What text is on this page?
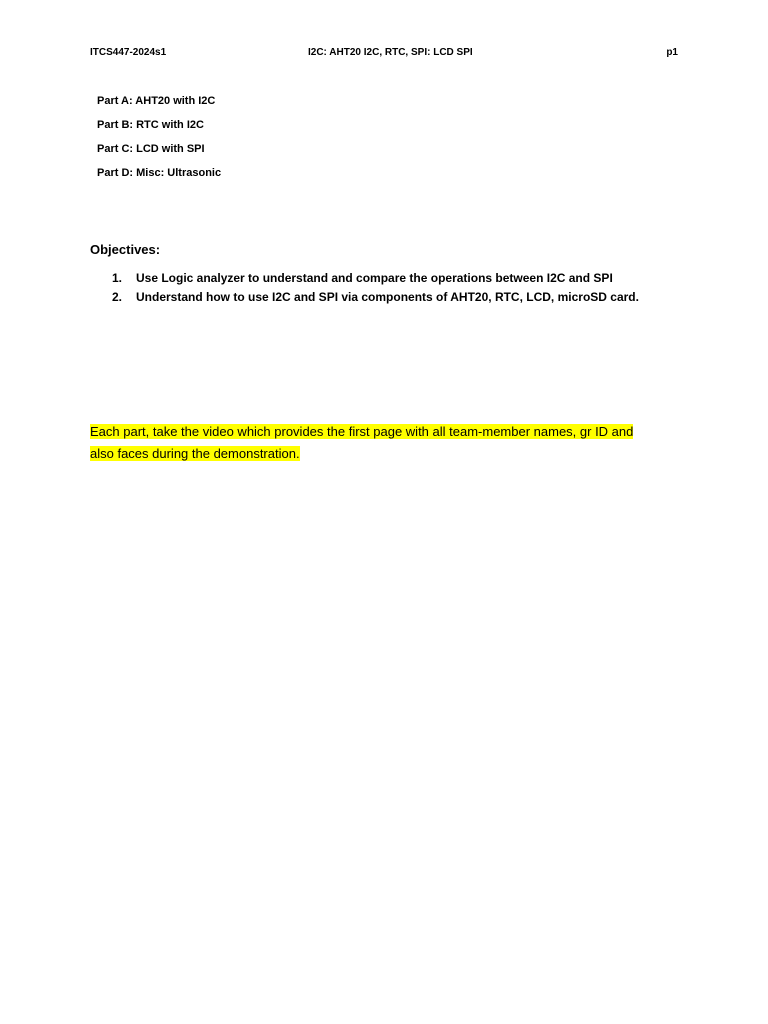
ITCS447-2024s1	I2C: AHT20 I2C, RTC, SPI: LCD SPI	p1
Part A: AHT20 with I2C
Part B: RTC with I2C
Part C: LCD with SPI
Part D: Misc: Ultrasonic
Objectives:
1. Use Logic analyzer to understand and compare the operations between I2C and SPI
2. Understand how to use I2C and SPI via components of AHT20, RTC, LCD, microSD card.

Each part, take the video which provides the first page with all team-member names, gr ID and
also faces during the demonstration.
